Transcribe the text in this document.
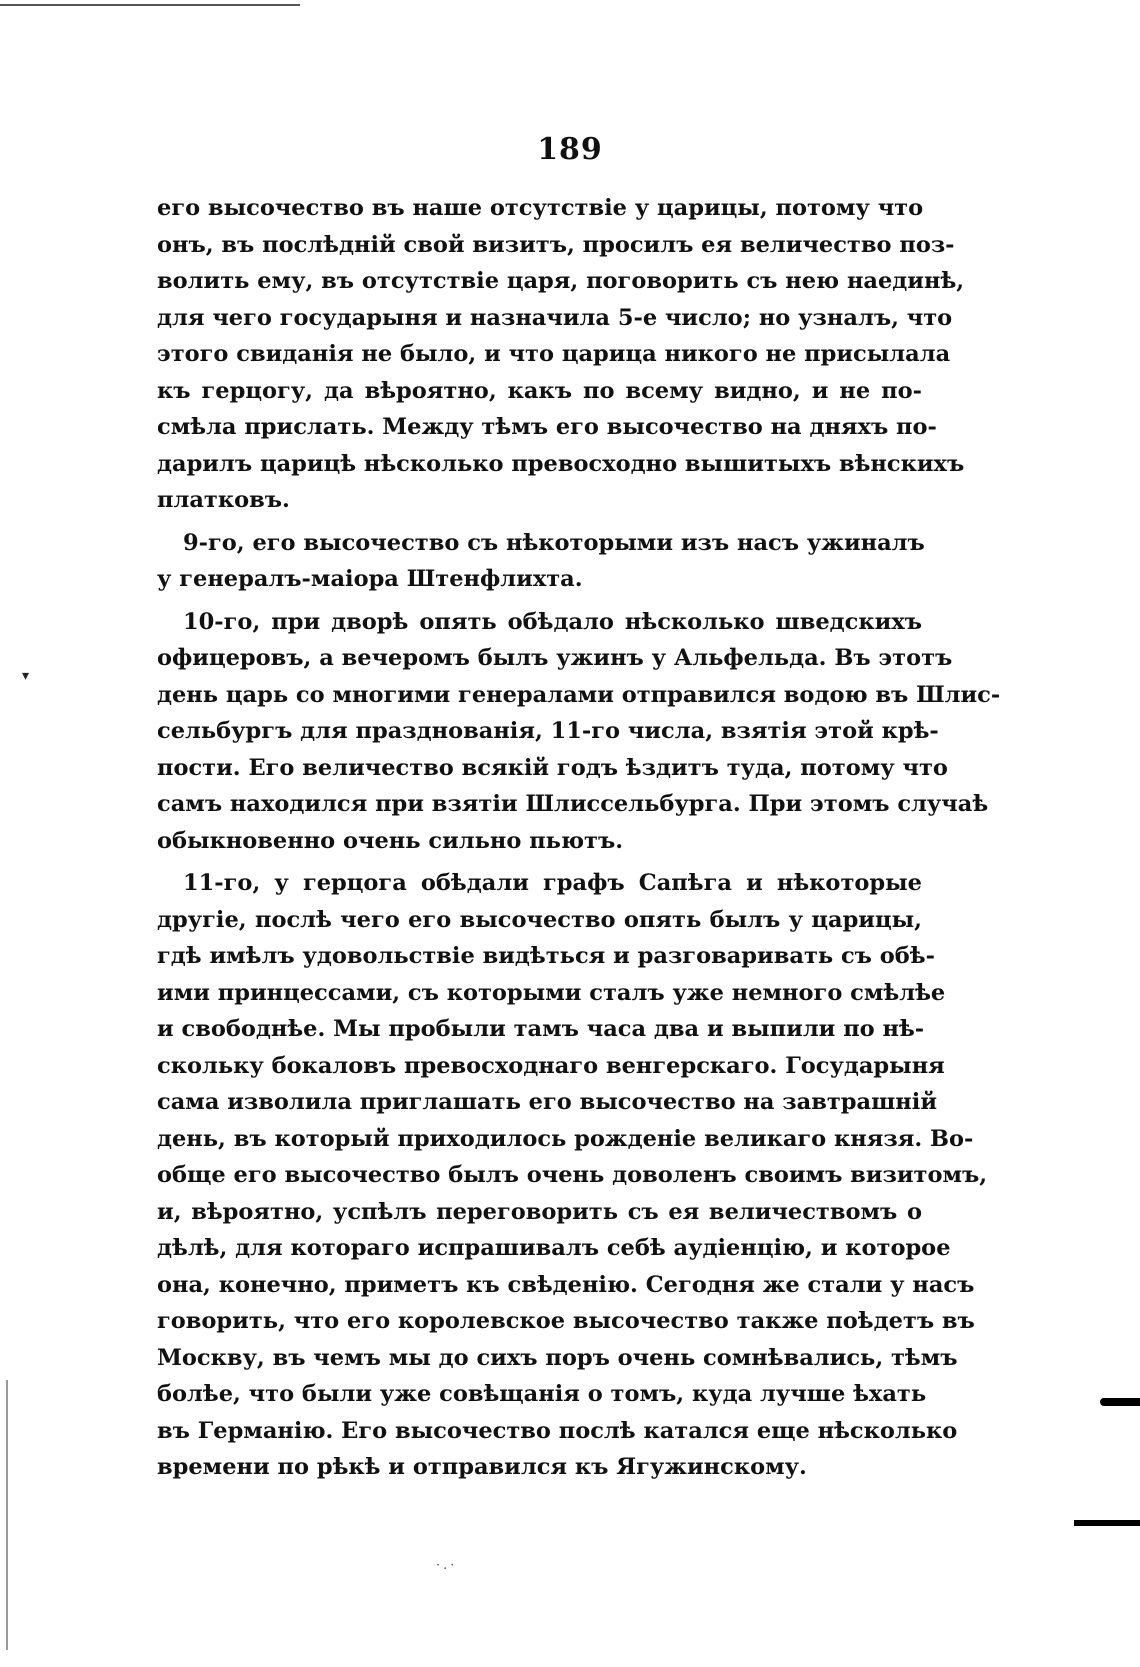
▾
189
его высочество въ наше отсутствіе у царицы, потому что
онъ, въ послѣдній свой визитъ, просилъ ея величество поз-
волить ему, въ отсутствіе царя, поговорить съ нею наединѣ,
для чего государыня и назначила 5-е число; но узналъ, что
этого свиданія не было, и что царица никого не присылала
къ герцогу, да вѣроятно, какъ по всему видно, и не по-
смѣла прислать. Между тѣмъ его высочество на дняхъ по-
дарилъ царицѣ нѣсколько превосходно вышитыхъ вѣнскихъ
платковъ.
9-го, его высочество съ нѣкоторыми изъ насъ ужиналъ
у генералъ-маіора Штенфлихта.
10-го, при дворѣ опять обѣдало нѣсколько шведскихъ
офицеровъ, а вечеромъ былъ ужинъ у Альфельда. Въ этотъ
день царь со многими генералами отправился водою въ Шлис-
сельбургъ для празднованія, 11-го числа, взятія этой крѣ-
пости. Его величество всякій годъ ѣздитъ туда, потому что
самъ находился при взятіи Шлиссельбурга. При этомъ случаѣ
обыкновенно очень сильно пьютъ.
11-го, у герцога обѣдали графъ Сапѣга и нѣкоторые
другіе, послѣ чего его высочество опять былъ у царицы,
гдѣ имѣлъ удовольствіе видѣться и разговаривать съ обѣ-
ими принцессами, съ которыми сталъ уже немного смѣлѣе
и свободнѣе. Мы пробыли тамъ часа два и выпили по нѣ-
скольку бокаловъ превосходнаго венгерскаго. Государыня
сама изволила приглашать его высочество на завтрашній
день, въ который приходилось рожденіе великаго князя. Во-
обще его высочество былъ очень доволенъ своимъ визитомъ,
и, вѣроятно, успѣлъ переговорить съ ея величествомъ о
дѣлѣ, для котораго испрашивалъ себѣ аудіенцію, и которое
она, конечно, приметъ къ свѣденію. Сегодня же стали у насъ
говорить, что его королевское высочество также поѣдетъ въ
Москву, въ чемъ мы до сихъ поръ очень сомнѣвались, тѣмъ
болѣе, что были уже совѣщанія о томъ, куда лучше ѣхать
въ Германію. Его высочество послѣ катался еще нѣсколько
времени по рѣкѣ и отправился къ Ягужинскому.
·.·
